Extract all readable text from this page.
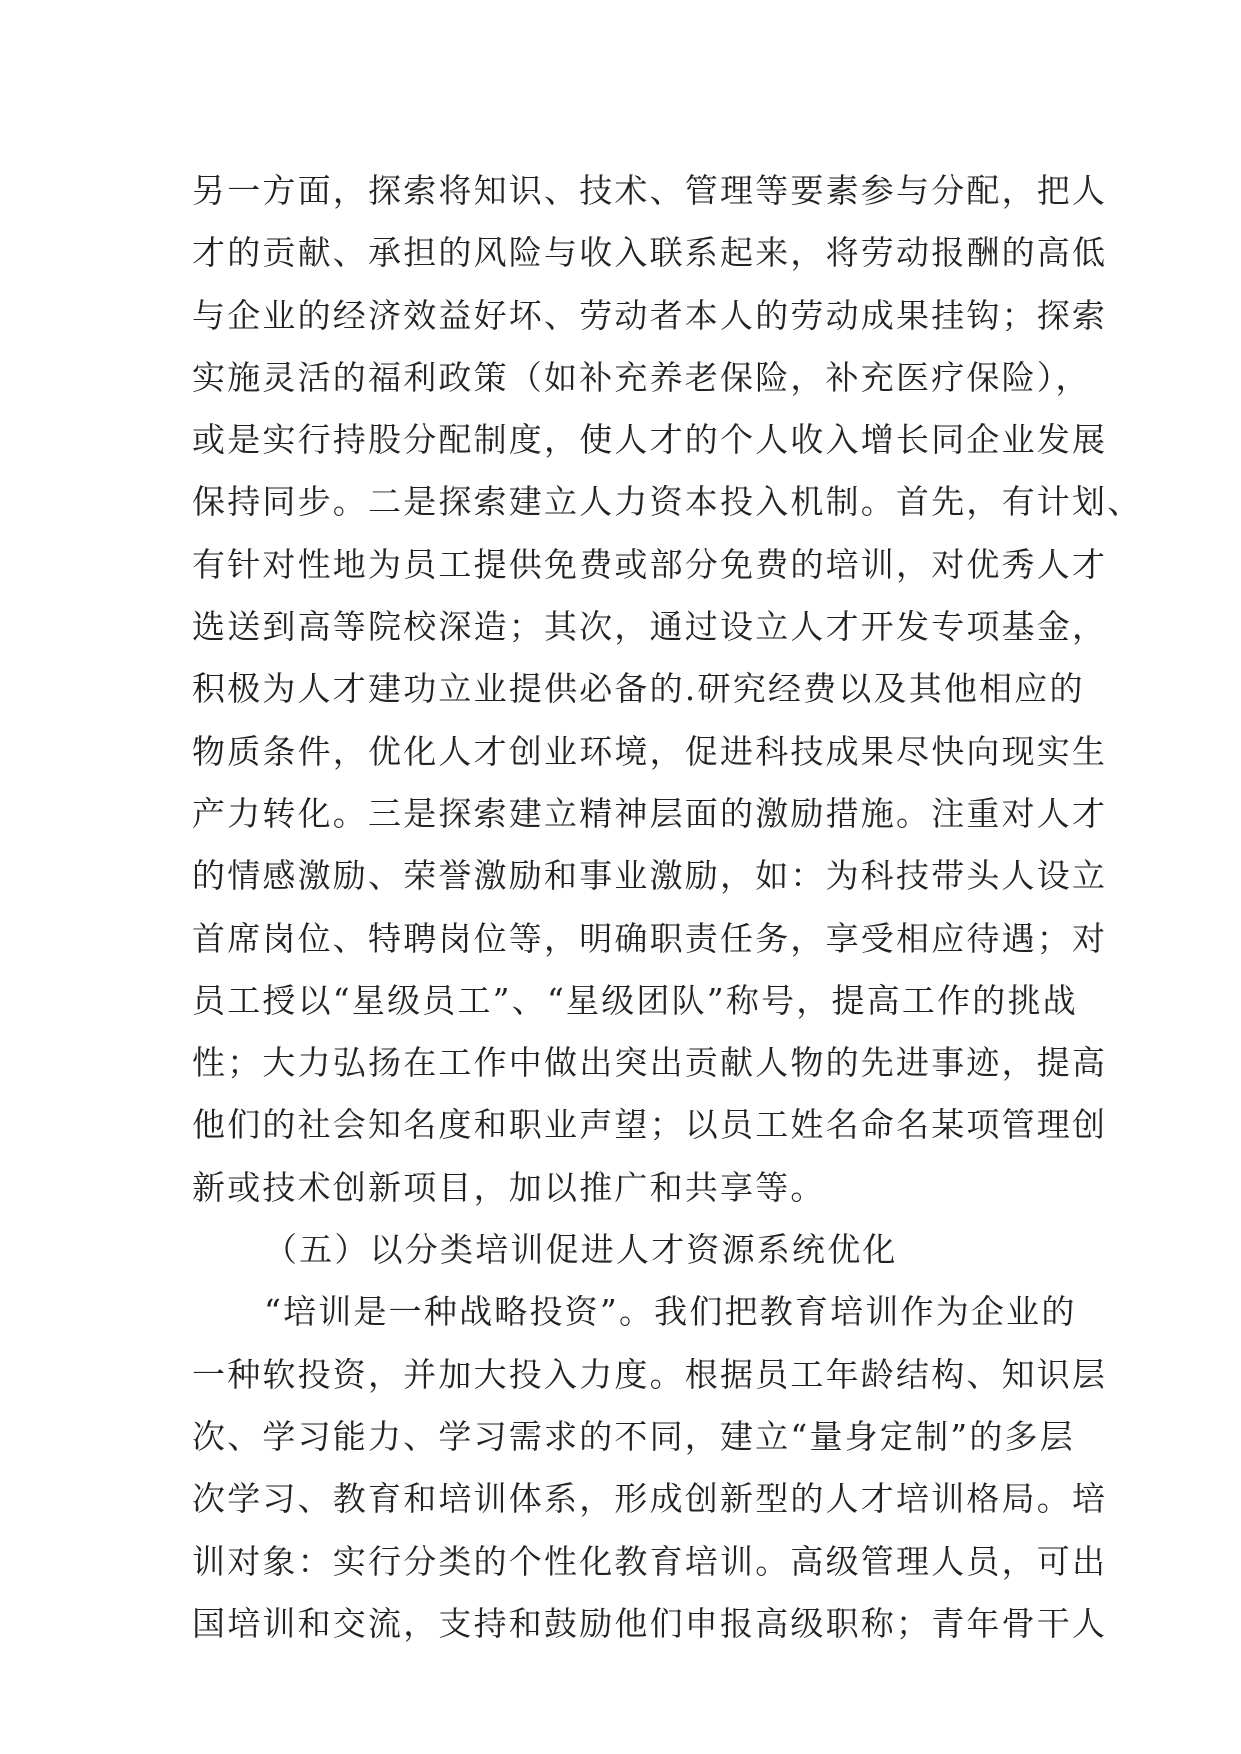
另一方面，探索将知识、技术、管理等要素参与分配，把人
才的贡献、承担的风险与收入联系起来，将劳动报酬的高低
与企业的经济效益好坏、劳动者本人的劳动成果挂钩；探索
实施灵活的福利政策（如补充养老保险，补充医疗保险），
或是实行持股分配制度，使人才的个人收入增长同企业发展
保持同步。二是探索建立人力资本投入机制。首先，有计划、
有针对性地为员工提供免费或部分免费的培训，对优秀人才
选送到高等院校深造；其次，通过设立人才开发专项基金，
积极为人才建功立业提供必备的.研究经费以及其他相应的
物质条件，优化人才创业环境，促进科技成果尽快向现实生
产力转化。三是探索建立精神层面的激励措施。注重对人才
的情感激励、荣誉激励和事业激励，如：为科技带头人设立
首席岗位、特聘岗位等，明确职责任务，享受相应待遇；对
员工授以“星级员工”、“星级团队”称号，提高工作的挑战
性；大力弘扬在工作中做出突出贡献人物的先进事迹，提高
他们的社会知名度和职业声望；以员工姓名命名某项管理创
新或技术创新项目，加以推广和共享等。
（五）以分类培训促进人才资源系统优化
“培训是一种战略投资”。我们把教育培训作为企业的
一种软投资，并加大投入力度。根据员工年龄结构、知识层
次、学习能力、学习需求的不同，建立“量身定制”的多层
次学习、教育和培训体系，形成创新型的人才培训格局。培
训对象：实行分类的个性化教育培训。高级管理人员，可出
国培训和交流，支持和鼓励他们申报高级职称；青年骨干人
